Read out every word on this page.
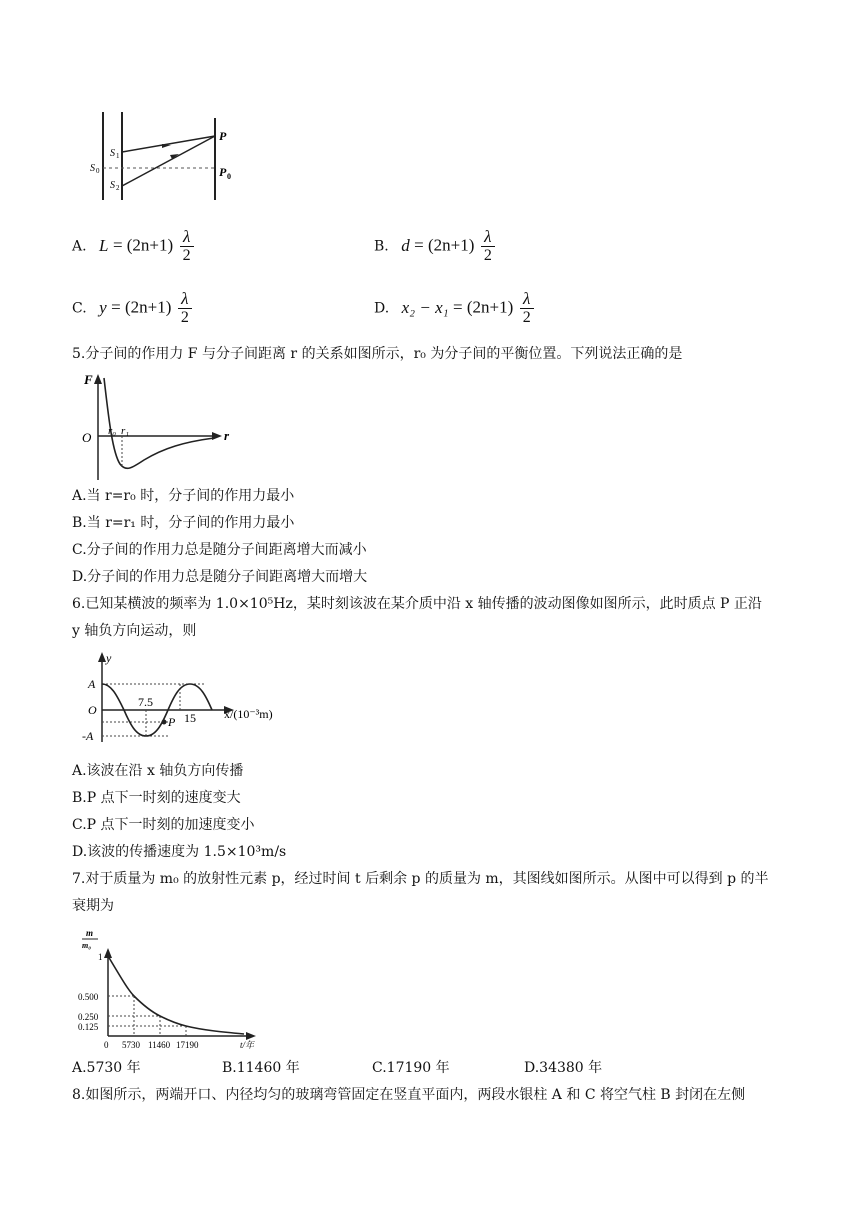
P
P 0
S 1
S 2
S 0
A. $L = (2n+1) \frac{\lambda}{2}$	B. $d = (2n+1) \frac{\lambda}{2}$
C. $y = (2n+1) \frac{\lambda}{2}$	D. $x_2 - x_1 = (2n+1) \frac{\lambda}{2}$
5.分子间的作用力 F 与分子间距离 r 的关系如图所示，r₀ 为分子间的平衡位置。下列说法正确的是
F
O	r
r₀ r₁
A.当 r=r₀ 时，分子间的作用力最小
B.当 r=r₁ 时，分子间的作用力最小
C.分子间的作用力总是随分子间距离增大而减小
D.分子间的作用力总是随分子间距离增大而增大
6.已知某横波的频率为 1.0×10⁵Hz，某时刻该波在某介质中沿 x 轴传播的波动图像如图所示，此时质点 P 正沿
y 轴负方向运动，则
y
A
O
-A
7.5
15
P
x/(10⁻³m)
A.该波在沿 x 轴负方向传播
B.P 点下一时刻的速度变大
C.P 点下一时刻的加速度变小
D.该波的传播速度为 1.5×10³m/s
7.对于质量为 m₀ 的放射性元素 p，经过时间 t 后剩余 p 的质量为 m，其图线如图所示。从图中可以得到 p 的半
衰期为
m
m₀
1
0.500
0.250
0.125
0 5730 11460 17190	t/年
A.5730 年	B.11460 年	C.17190 年	D.34380 年
8.如图所示，两端开口、内径均匀的玻璃弯管固定在竖直平面内，两段水银柱 A 和 C 将空气柱 B 封闭在左侧
